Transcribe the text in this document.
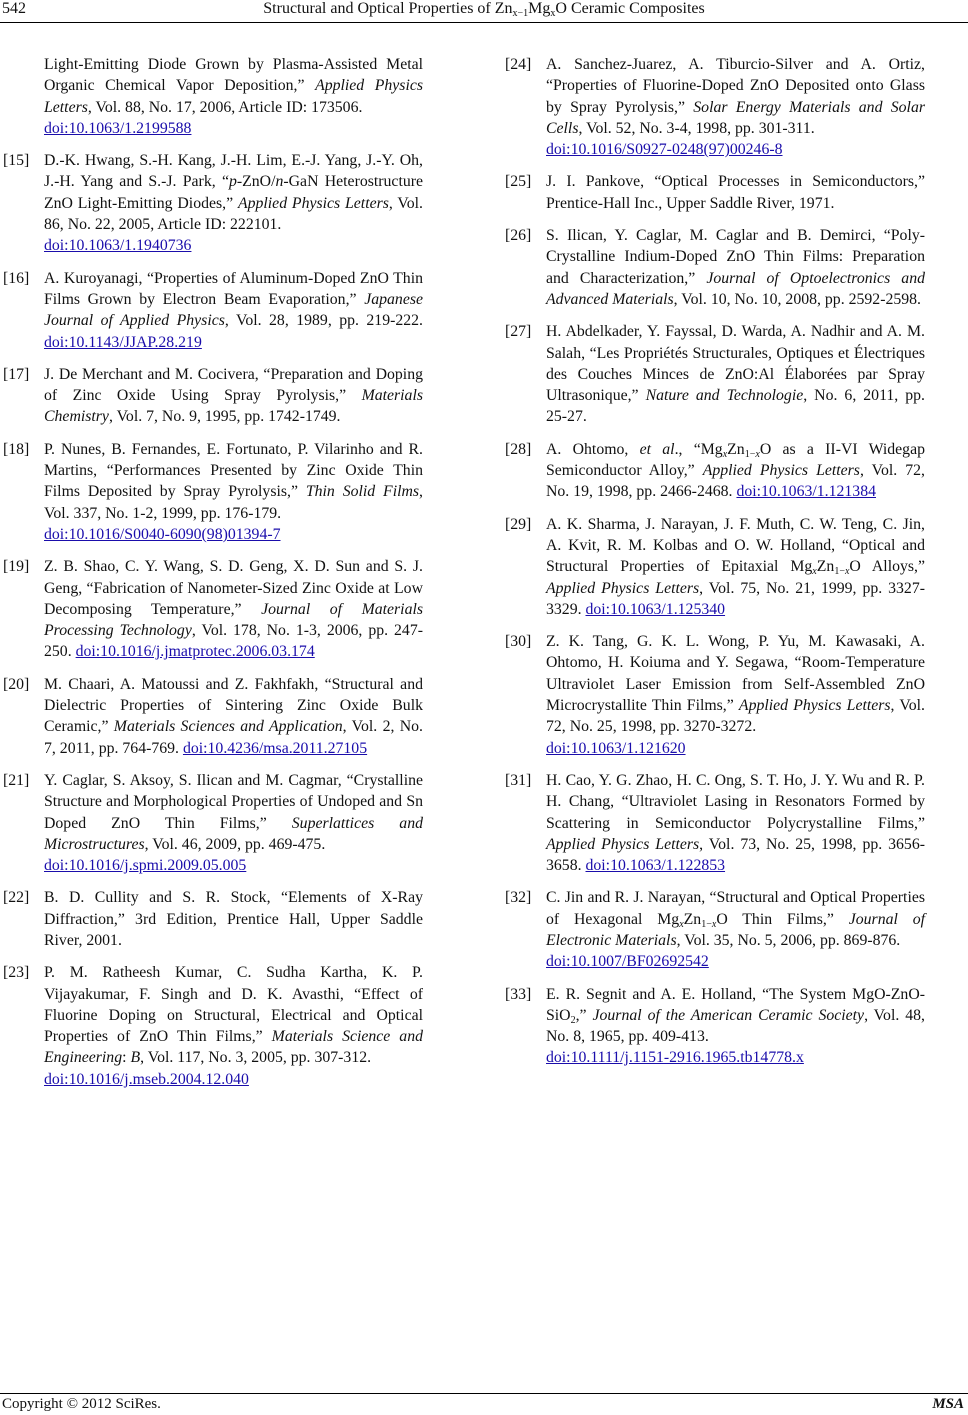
542	Structural and Optical Properties of $Zn_{x-1}Mg_xO$ Ceramic Composites
Light-Emitting Diode Grown by Plasma-Assisted Metal Organic Chemical Vapor Deposition,” Applied Physics Letters, Vol. 88, No. 17, 2006, Article ID: 173506.
doi:10.1063/1.2199588
[15] D.-K. Hwang, S.-H. Kang, J.-H. Lim, E.-J. Yang, J.-Y. Oh, J.-H. Yang and S.-J. Park, “p-ZnO/n-GaN Heterostructure ZnO Light-Emitting Diodes,” Applied Physics Letters, Vol. 86, No. 22, 2005, Article ID: 222101.
doi:10.1063/1.1940736
[16] A. Kuroyanagi, “Properties of Aluminum-Doped ZnO Thin Films Grown by Electron Beam Evaporation,” Japanese Journal of Applied Physics, Vol. 28, 1989, pp. 219-222. doi:10.1143/JJAP.28.219
[17] J. De Merchant and M. Cocivera, “Preparation and Doping of Zinc Oxide Using Spray Pyrolysis,” Materials Chemistry, Vol. 7, No. 9, 1995, pp. 1742-1749.
[18] P. Nunes, B. Fernandes, E. Fortunato, P. Vilarinho and R. Martins, “Performances Presented by Zinc Oxide Thin Films Deposited by Spray Pyrolysis,” Thin Solid Films, Vol. 337, No. 1-2, 1999, pp. 176-179.
doi:10.1016/S0040-6090(98)01394-7
[19] Z. B. Shao, C. Y. Wang, S. D. Geng, X. D. Sun and S. J. Geng, “Fabrication of Nanometer-Sized Zinc Oxide at Low Decomposing Temperature,” Journal of Materials Processing Technology, Vol. 178, No. 1-3, 2006, pp. 247-250. doi:10.1016/j.jmatprotec.2006.03.174
[20] M. Chaari, A. Matoussi and Z. Fakhfakh, “Structural and Dielectric Properties of Sintering Zinc Oxide Bulk Ceramic,” Materials Sciences and Application, Vol. 2, No. 7, 2011, pp. 764-769. doi:10.4236/msa.2011.27105
[21] Y. Caglar, S. Aksoy, S. Ilican and M. Cagmar, “Crystalline Structure and Morphological Properties of Undoped and Sn Doped ZnO Thin Films,” Superlattices and Microstructures, Vol. 46, 2009, pp. 469-475.
doi:10.1016/j.spmi.2009.05.005
[22] B. D. Cullity and S. R. Stock, “Elements of X-Ray Diffraction,” 3rd Edition, Prentice Hall, Upper Saddle River, 2001.
[23] P. M. Ratheesh Kumar, C. Sudha Kartha, K. P. Vijayakumar, F. Singh and D. K. Avasthi, “Effect of Fluorine Doping on Structural, Electrical and Optical Properties of ZnO Thin Films,” Materials Science and Engineering: B, Vol. 117, No. 3, 2005, pp. 307-312.
doi:10.1016/j.mseb.2004.12.040
[24] A. Sanchez-Juarez, A. Tiburcio-Silver and A. Ortiz, “Properties of Fluorine-Doped ZnO Deposited onto Glass by Spray Pyrolysis,” Solar Energy Materials and Solar Cells, Vol. 52, No. 3-4, 1998, pp. 301-311.
doi:10.1016/S0927-0248(97)00246-8
[25] J. I. Pankove, “Optical Processes in Semiconductors,” Prentice-Hall Inc., Upper Saddle River, 1971.
[26] S. Ilican, Y. Caglar, M. Caglar and B. Demirci, “Poly-Crystalline Indium-Doped ZnO Thin Films: Preparation and Characterization,” Journal of Optoelectronics and Advanced Materials, Vol. 10, No. 10, 2008, pp. 2592-2598.
[27] H. Abdelkader, Y. Fayssal, D. Warda, A. Nadhir and A. M. Salah, “Les Propriétés Structurales, Optiques et Électriques des Couches Minces de ZnO:Al Élaborées par Spray Ultrasonique,” Nature and Technologie, No. 6, 2011, pp. 25-27.
[28] A. Ohtomo, et al., “$Mg_xZn_{1-x}O$ as a II-VI Widegap Semiconductor Alloy,” Applied Physics Letters, Vol. 72, No. 19, 1998, pp. 2466-2468. doi:10.1063/1.121384
[29] A. K. Sharma, J. Narayan, J. F. Muth, C. W. Teng, C. Jin, A. Kvit, R. M. Kolbas and O. W. Holland, “Optical and Structural Properties of Epitaxial $Mg_xZn_{1-x}O$ Alloys,” Applied Physics Letters, Vol. 75, No. 21, 1999, pp. 3327-3329. doi:10.1063/1.125340
[30] Z. K. Tang, G. K. L. Wong, P. Yu, M. Kawasaki, A. Ohtomo, H. Koiuma and Y. Segawa, “Room-Temperature Ultraviolet Laser Emission from Self-Assembled ZnO Microcrystallite Thin Films,” Applied Physics Letters, Vol. 72, No. 25, 1998, pp. 3270-3272.
doi:10.1063/1.121620
[31] H. Cao, Y. G. Zhao, H. C. Ong, S. T. Ho, J. Y. Wu and R. P. H. Chang, “Ultraviolet Lasing in Resonators Formed by Scattering in Semiconductor Polycrystalline Films,” Applied Physics Letters, Vol. 73, No. 25, 1998, pp. 3656-3658. doi:10.1063/1.122853
[32] C. Jin and R. J. Narayan, “Structural and Optical Properties of Hexagonal $Mg_xZn_{1-x}O$ Thin Films,” Journal of Electronic Materials, Vol. 35, No. 5, 2006, pp. 869-876.
doi:10.1007/BF02692542
[33] E. R. Segnit and A. E. Holland, “The System MgO-ZnO-SiO$_2$,” Journal of the American Ceramic Society, Vol. 48, No. 8, 1965, pp. 409-413.
doi:10.1111/j.1151-2916.1965.tb14778.x
Copyright © 2012 SciRes.	MSA
